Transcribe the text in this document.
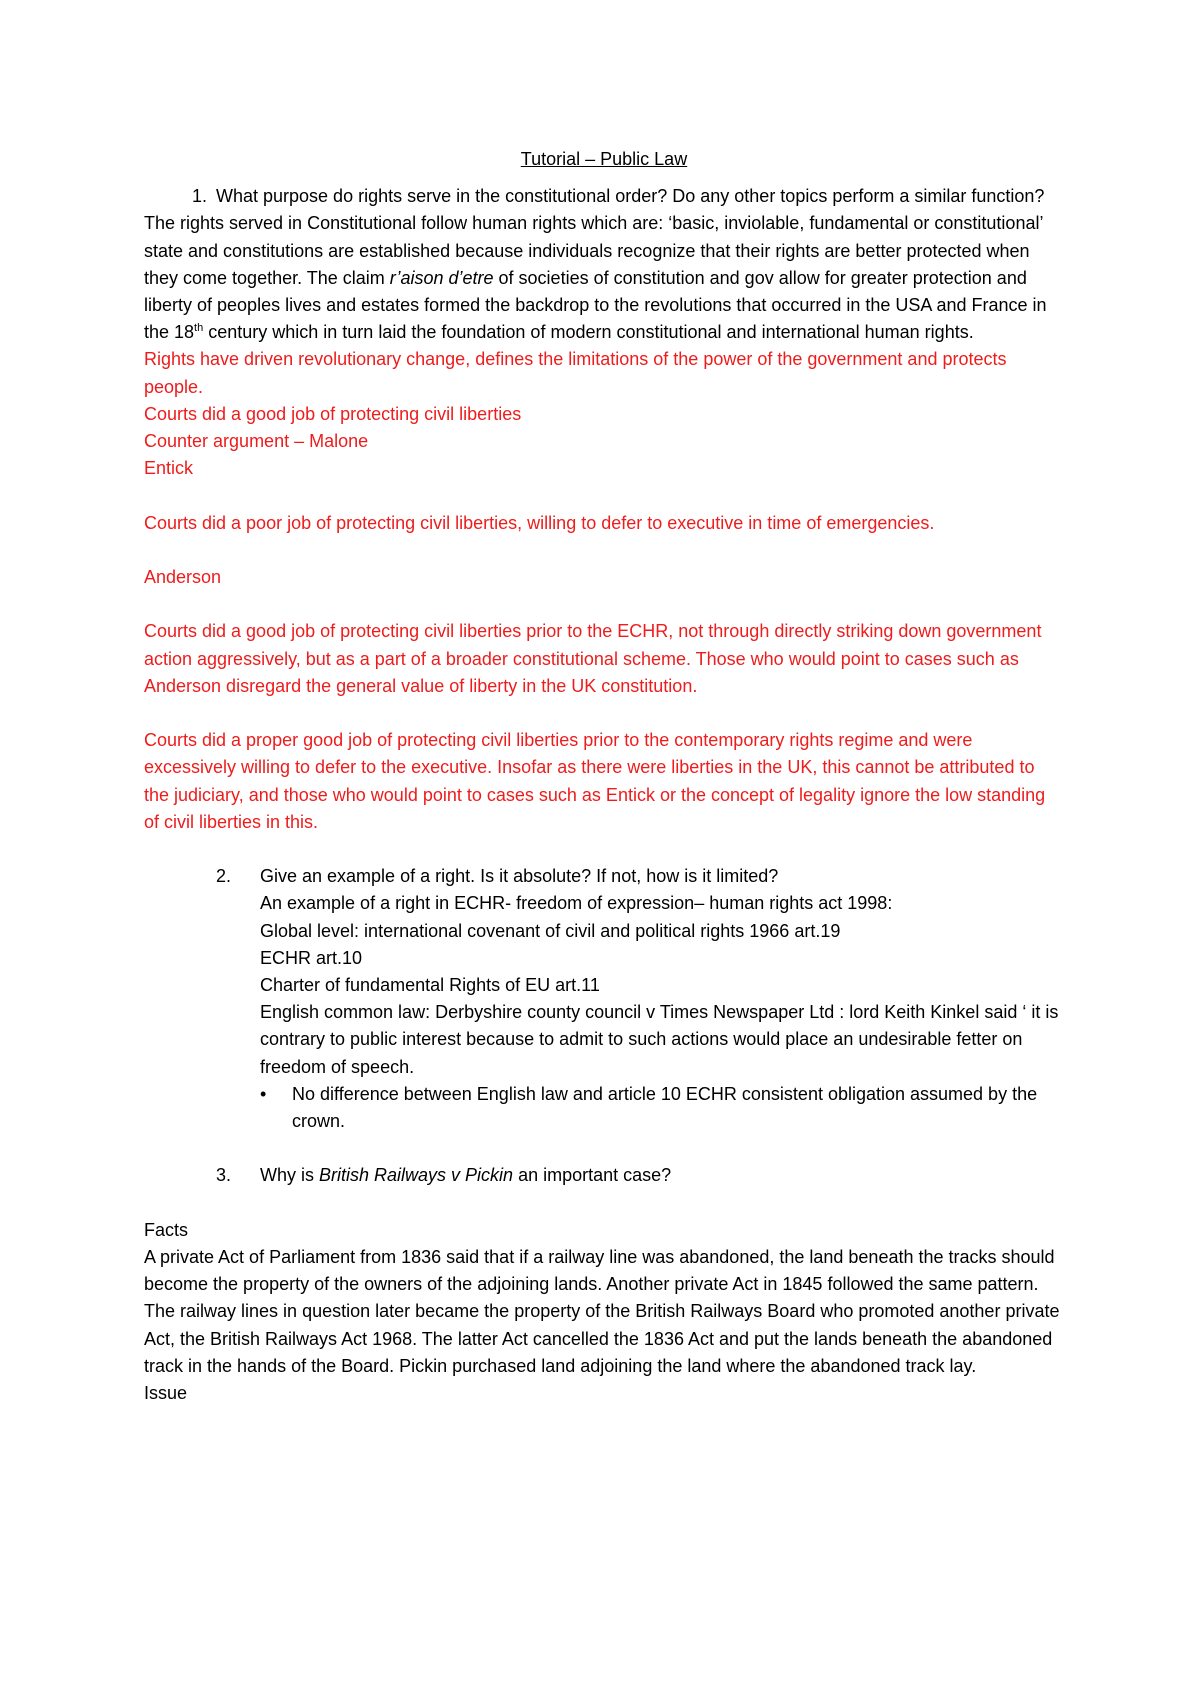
Tutorial – Public Law

1. What purpose do rights serve in the constitutional order? Do any other topics perform a similar function?

The rights served in Constitutional follow human rights which are: ‘basic, inviolable, fundamental or constitutional’ state and constitutions are established because individuals recognize that their rights are better protected when they come together. The claim r’aison d’etre of societies of constitution and gov allow for greater protection and liberty of peoples lives and estates formed the backdrop to the revolutions that occurred in the USA and France in the 18th century which in turn laid the foundation of modern constitutional and international human rights.

Rights have driven revolutionary change, defines the limitations of the power of the government and protects people.

Courts did a good job of protecting civil liberties

Counter argument – Malone

Entick

Courts did a poor job of protecting civil liberties, willing to defer to executive in time of emergencies.

Anderson

Courts did a good job of protecting civil liberties prior to the ECHR, not through directly striking down government action aggressively, but as a part of a broader constitutional scheme. Those who would point to cases such as Anderson disregard the general value of liberty in the UK constitution.

Courts did a proper good job of protecting civil liberties prior to the contemporary rights regime and were excessively willing to defer to the executive. Insofar as there were liberties in the UK, this cannot be attributed to the judiciary, and those who would point to cases such as Entick or the concept of legality ignore the low standing of civil liberties in this.

2. Give an example of a right. Is it absolute? If not, how is it limited?

An example of a right in ECHR- freedom of expression– human rights act 1998:

Global level: international covenant of civil and political rights 1966 art.19

ECHR art.10

Charter of fundamental Rights of EU art.11

English common law: Derbyshire county council v Times Newspaper Ltd : lord Keith Kinkel said ‘ it is contrary to public interest because to admit to such actions would place an undesirable fetter on freedom of speech.

• No difference between English law and article 10 ECHR consistent obligation assumed by the crown.
3. Why is British Railways v Pickin an important case?

Facts

A private Act of Parliament from 1836 said that if a railway line was abandoned, the land beneath the tracks should become the property of the owners of the adjoining lands. Another private Act in 1845 followed the same pattern. The railway lines in question later became the property of the British Railways Board who promoted another private Act, the British Railways Act 1968. The latter Act cancelled the 1836 Act and put the lands beneath the abandoned track in the hands of the Board. Pickin purchased land adjoining the land where the abandoned track lay.

Issue
